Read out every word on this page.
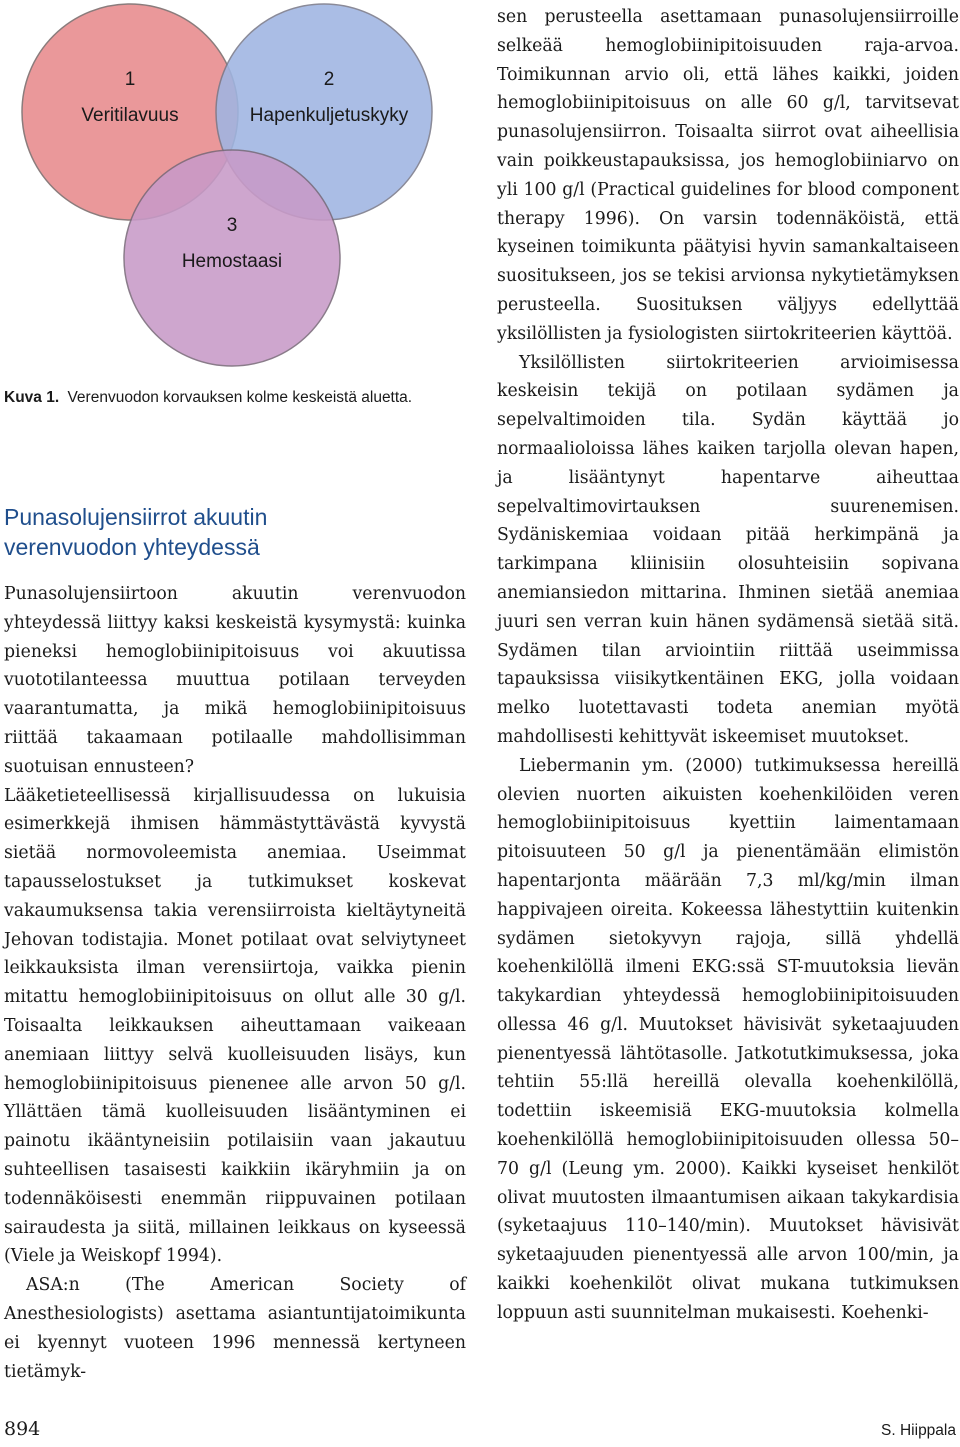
1
Veritilavuus
2
Hapenkuljetuskyky
3
Hemostaasi
Kuva 1. Verenvuodon korvauksen kolme keskeistä aluetta.
Punasolujensiirrot akuutin
verenvuodon yhteydessä

Punasolujensiirtoon akuutin verenvuodon yhteydessä liittyy kaksi keskeistä kysymystä: kuinka pieneksi hemoglobiinipitoisuus voi akuutissa vuototilanteessa muuttua potilaan terveyden vaarantumatta, ja mikä hemoglobiinipitoisuus riittää takaamaan potilaalle mahdollisimman suotuisan ennusteen?

Lääketieteellisessä kirjallisuudessa on lukuisia esimerkkejä ihmisen hämmästyttävästä kyvystä sietää normovoleemista anemiaa. Useimmat tapausselostukset ja tutkimukset koskevat vakaumuksensa takia verensiirroista kieltäytyneitä Jehovan todistajia. Monet potilaat ovat selviytyneet leikkauksista ilman verensiirtoja, vaikka pienin mitattu hemoglobiinipitoisuus on ollut alle 30 g/l. Toisaalta leikkauksen aiheuttamaan vaikeaan anemiaan liittyy selvä kuolleisuuden lisäys, kun hemoglobiinipitoisuus pienenee alle arvon 50 g/l. Yllättäen tämä kuolleisuuden lisääntyminen ei painotu ikääntyneisiin potilaisiin vaan jakautuu suhteellisen tasaisesti kaikkiin ikäryhmiin ja on todennäköisesti enemmän riippuvainen potilaan sairaudesta ja siitä, millainen leikkaus on kyseessä (Viele ja Weiskopf 1994).

ASA:n (The American Society of Anesthesiologists) asettama asiantuntijatoimikunta ei kyennyt vuoteen 1996 mennessä kertyneen tietämyk-

sen perusteella asettamaan punasolujensiirroille selkeää hemoglobiinipitoisuuden raja-arvoa. Toimikunnan arvio oli, että lähes kaikki, joiden hemoglobiinipitoisuus on alle 60 g/l, tarvitsevat punasolujensiirron. Toisaalta siirrot ovat aiheellisia vain poikkeustapauksissa, jos hemoglobiiniarvo on yli 100 g/l (Practical guidelines for blood component therapy 1996). On varsin todennäköistä, että kyseinen toimikunta päätyisi hyvin samankaltaiseen suositukseen, jos se tekisi arvionsa nykytietämyksen perusteella. Suosituksen väljyys edellyttää yksilöllisten ja fysiologisten siirtokriteerien käyttöä.

Yksilöllisten siirtokriteerien arvioimisessa keskeisin tekijä on potilaan sydämen ja sepelvaltimoiden tila. Sydän käyttää jo normaalioloissa lähes kaiken tarjolla olevan hapen, ja lisääntynyt hapentarve aiheuttaa sepelvaltimovirtauksen suurenemisen. Sydäniskemiaa voidaan pitää herkimpänä ja tarkimpana kliinisiin olosuhteisiin sopivana anemiansiedon mittarina. Ihminen sietää anemiaa juuri sen verran kuin hänen sydämensä sietää sitä. Sydämen tilan arviointiin riittää useimmissa tapauksissa viisikytkentäinen EKG, jolla voidaan melko luotettavasti todeta anemian myötä mahdollisesti kehittyvät iskeemiset muutokset.

Liebermanin ym. (2000) tutkimuksessa hereillä olevien nuorten aikuisten koehenkilöiden veren hemoglobiinipitoisuus kyettiin laimentamaan pitoisuuteen 50 g/l ja pienentämään elimistön hapentarjonta määrään 7,3 ml/kg/min ilman happivajeen oireita. Kokeessa lähestyttiin kuitenkin sydämen sietokyvyn rajoja, sillä yhdellä koehenkilöllä ilmeni EKG:ssä ST-muutoksia lievän takykardian yhteydessä hemoglobiinipitoisuuden ollessa 46 g/l. Muutokset hävisivät syketaajuuden pienentyessä lähtötasolle. Jatkotutkimuksessa, joka tehtiin 55:llä hereillä olevalla koehenkilöllä, todettiin iskeemisiä EKG-muutoksia kolmella koehenkilöllä hemoglobiinipitoisuuden ollessa 50–70 g/l (Leung ym. 2000). Kaikki kyseiset henkilöt olivat muutosten ilmaantumisen aikaan takykardisia (syketaajuus 110–140/min). Muutokset hävisivät syketaajuuden pienentyessä alle arvon 100/min, ja kaikki koehenkilöt olivat mukana tutkimuksen loppuun asti suunnitelman mukaisesti. Koehenki-

894	S. Hiippala
